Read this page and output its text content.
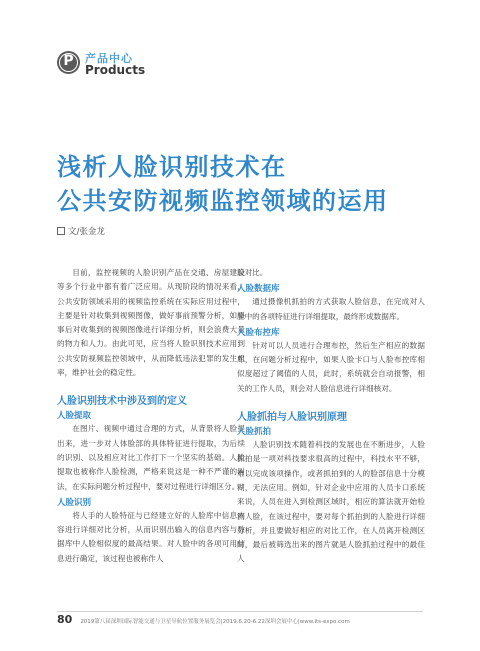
P	产品中心
Products
浅析人脸识别技术在
公共安防视频监控领域的运用
文/张金龙

目前，监控视频的人脸识别产品在交通、房屋建设等多个行业中都有着广泛应用。从现阶段的情况来看，公共安防领域采用的视频监控系统在实际应用过程中，主要是针对收集到视频图像，做好事前预警分析，如果事后对收集到的视频图像进行详细分析，则会浪费大量的物力和人力。由此可见，应当将人脸识别技术应用到公共安防视频监控领域中，从而降低违法犯罪的发生机率，维护社会的稳定性。

人脸识别技术中涉及到的定义
人脸提取

在图片、视频中通过合理的方式，从背景将人脸提出来，进一步对人体脸部的具体特征进行提取，为后续的识别、以及相应对比工作打下一个坚实的基础。人脸提取也被称作人脸检测，严格来说这是一种不严谨的叫法，在实际问题分析过程中，要对过程进行详细区分。

人脸识别

将人手的人脸特征与已经建立好的人脸库中信息内容进行详细对比分析，从而识别出输入的信息内容与数据库中人脸相似度的最高结果。对人脸中的各项可用信息进行确定，该过程也被称作人

脸对比。

人脸数据库

通过摄像机抓拍的方式获取人脸信息，在完成对人脸中的各项特征进行详细提取，最终形成数据库。

人脸布控库

针对可以人员进行合理布控，然后生产相应的数据库，在问题分析过程中，如果人脸卡口与人脸布控库相似度超过了阈值的人员，此时，系统就会自动报警，相关的工作人员，则会对人脸信息进行详细核对。

人脸抓拍与人脸识别原理
人脸抓拍

人脸识别技术随着科技的发展也在不断进步，人脸抓拍是一项对科技要求很高的过程中，科技水平不够，难以完成该项操作，或者抓拍到的人的脸部信息十分模糊，无法应用。例如，针对企业中应用的人员卡口系统来说，人员在进入到检测区域时，相应的算法就开始检测人脸，在该过程中，要对每个抓拍到的人脸进行详细分析，并且要做好相应的对比工作，在人员离开检测区时，最后被筛选出来的图片就是人脸抓拍过程中的最佳人

80 2019第八届深圳国际智能交通与卫星导航位置服务展览会|2019.6.20-6.22深圳会展中心|www.its-expo.com
